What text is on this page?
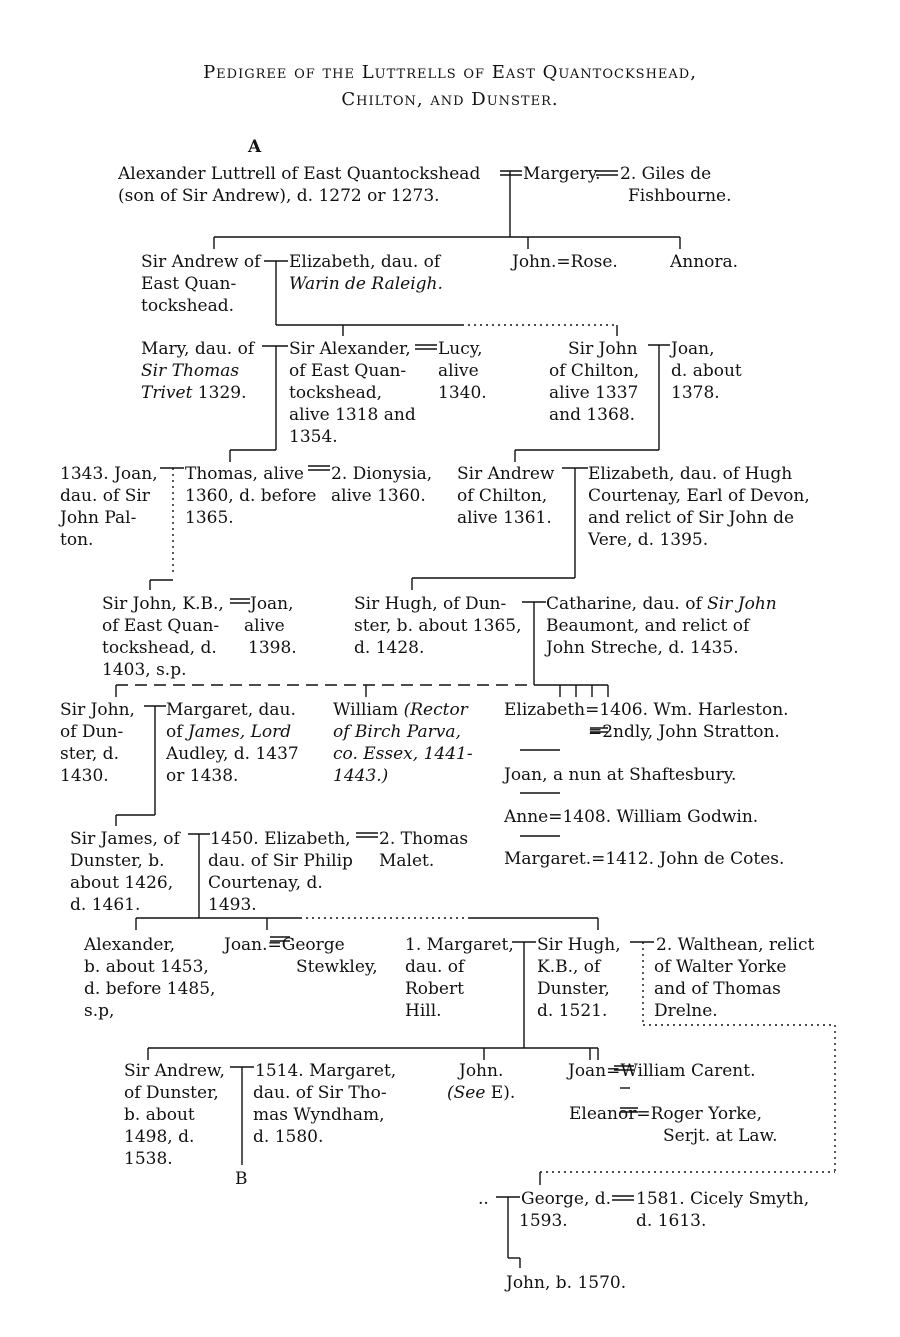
Pedigree of the Luttrells of East Quantockshead,
Chilton, and Dunster.
A
B
Alexander Luttrell of East Quantockshead
(son of Sir Andrew), d. 1272 or 1273.
Margery. 2. Giles de
Fishbourne.
Sir Andrew of
East Quan-
tockshead.
Elizabeth, dau. of
Warin de Raleigh.
John.=Rose.	Annora.
Mary, dau. of
Sir Thomas
Trivet 1329.
Sir Alexander,
of East Quan-
tockshead,
alive 1318 and
1354.
Lucy,
alive
1340.
Sir John
of Chilton,
alive 1337
and 1368.
Joan,
d. about
1378.
1343. Joan,
dau. of Sir
John Pal-
ton.
Thomas, alive
1360, d. before
1365.
2. Dionysia,
alive 1360.
Sir Andrew
of Chilton,
alive 1361.
Elizabeth, dau. of Hugh
Courtenay, Earl of Devon,
and relict of Sir John de
Vere, d. 1395.
Sir John, K.B.,
of East Quan-
tockshead, d.
1403, s.p.
Joan,
alive
1398.
Sir Hugh, of Dun-
ster, b. about 1365,
d. 1428.
Catharine, dau. of Sir John
Beaumont, and relict of
John Streche, d. 1435.
Sir John,
of Dun-
ster, d.
1430.
Margaret, dau.
of James, Lord
Audley, d. 1437
or 1438.
William (Rector
of Birch Parva,
co. Essex, 1441-
1443.)
Elizabeth=1406. Wm. Harleston.
=2ndly, John Stratton.
Joan, a nun at Shaftesbury.
Anne=1408. William Godwin.
Margaret.=1412. John de Cotes.
Sir James, of
Dunster, b.
about 1426,
d. 1461.
1450. Elizabeth,
dau. of Sir Philip
Courtenay, d.
1493.
2. Thomas
Malet.
Alexander,
b. about 1453,
d. before 1485,
s.p,
Joan.=George
Stewkley,
1. Margaret,
dau. of
Robert
Hill.
Sir Hugh,
K.B., of
Dunster,
d. 1521.
2. Walthean, relict
of Walter Yorke
and of Thomas
Drelne.
Sir Andrew,
of Dunster,
b. about
1498, d.
1538.
1514. Margaret,
dau. of Sir Tho-
mas Wyndham,
d. 1580.
John.
(See E).
Joan=William Carent.
Eleanor=Roger Yorke,
Serjt. at Law.
.. George, d.
1593.
1581. Cicely Smyth,
d. 1613.
John, b. 1570.
